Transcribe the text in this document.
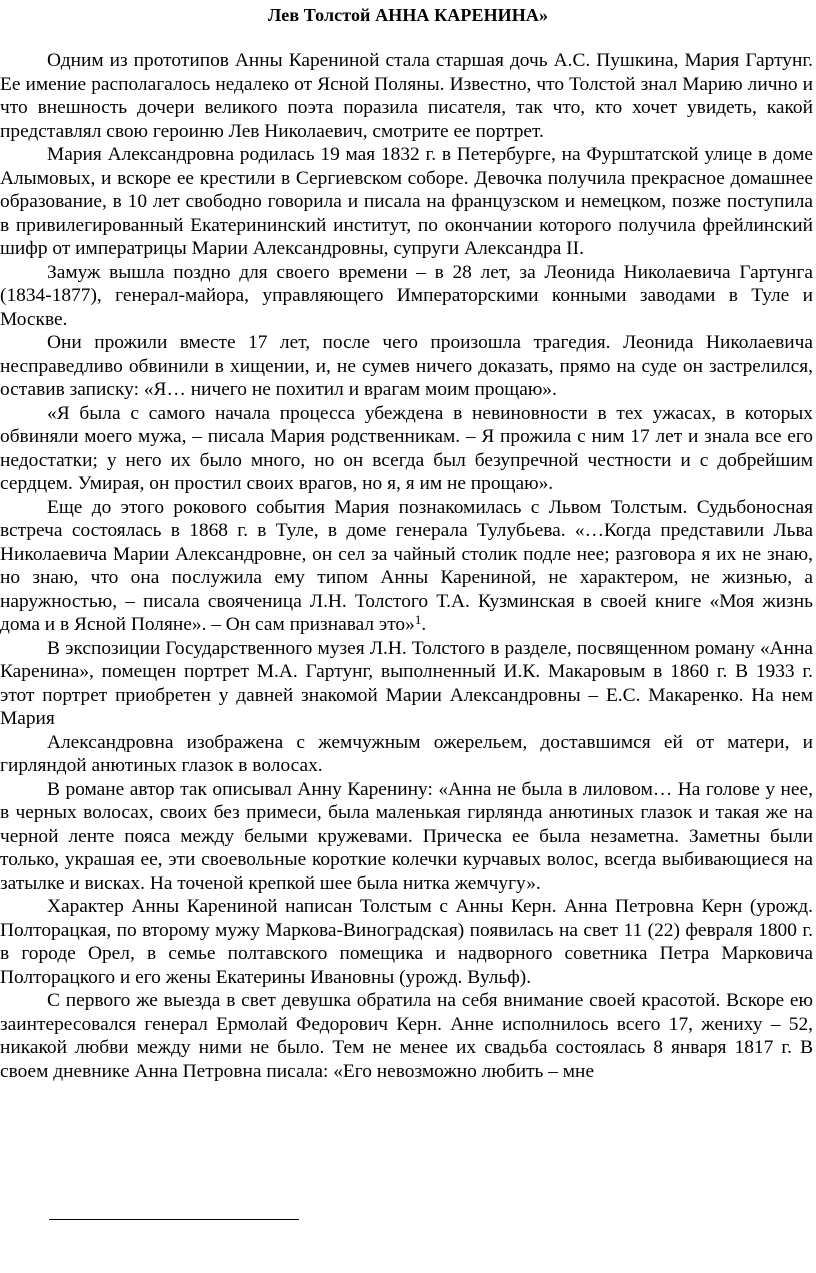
Лев Толстой АННА КАРЕНИНА»

Одним из прототипов Анны Карениной стала старшая дочь А.С. Пушкина, Мария Гартунг. Ее имение располагалось недалеко от Ясной Поляны. Известно, что Толстой знал Марию лично и что внешность дочери великого поэта поразила писателя, так что, кто хочет увидеть, какой представлял свою героиню Лев Николаевич, смотрите ее портрет.

Мария Александровна родилась 19 мая 1832 г. в Петербурге, на Фурштатской улице в доме Алымовых, и вскоре ее крестили в Сергиевском соборе. Девочка получила прекрасное домашнее образование, в 10 лет свободно говорила и писала на французском и немецком, позже поступила в привилегированный Екатерининский институт, по окончании которого получила фрейлинский шифр от императрицы Марии Александровны, супруги Александра II.

Замуж вышла поздно для своего времени – в 28 лет, за Леонида Николаевича Гартунга (1834-1877), генерал-майора, управляющего Императорскими конными заводами в Туле и Москве.

Они прожили вместе 17 лет, после чего произошла трагедия. Леонида Николаевича несправедливо обвинили в хищении, и, не сумев ничего доказать, прямо на суде он застрелился, оставив записку: «Я… ничего не похитил и врагам моим прощаю».

«Я была с самого начала процесса убеждена в невиновности в тех ужасах, в которых обвиняли моего мужа, – писала Мария родственникам. – Я прожила с ним 17 лет и знала все его недостатки; у него их было много, но он всегда был безупречной честности и с добрейшим сердцем. Умирая, он простил своих врагов, но я, я им не прощаю».

Еще до этого рокового события Мария познакомилась с Львом Толстым. Судьбоносная встреча состоялась в 1868 г. в Туле, в доме генерала Тулубьева. «…Когда представили Льва Николаевича Марии Александровне, он сел за чайный столик подле нее; разговора я их не знаю, но знаю, что она послужила ему типом Анны Карениной, не характером, не жизнью, а наружностью, – писала свояченица Л.Н. Толстого Т.А. Кузминская в своей книге «Моя жизнь дома и в Ясной Поляне». – Он сам признавал это»$^1$.

В экспозиции Государственного музея Л.Н. Толстого в разделе, посвященном роману «Анна Каренина», помещен портрет М.А. Гартунг, выполненный И.К. Макаровым в 1860 г. В 1933 г. этот портрет приобретен у давней знакомой Марии Александровны – Е.С. Макаренко. На нем Мария

Александровна изображена с жемчужным ожерельем, доставшимся ей от матери, и гирляндой анютиных глазок в волосах.

В романе автор так описывал Анну Каренину: «Анна не была в лиловом… На голове у нее, в черных волосах, своих без примеси, была маленькая гирлянда анютиных глазок и такая же на черной ленте пояса между белыми кружевами. Прическа ее была незаметна. Заметны были только, украшая ее, эти своевольные короткие колечки курчавых волос, всегда выбивающиеся на затылке и висках. На точеной крепкой шее была нитка жемчугу».

Характер Анны Карениной написан Толстым с Анны Керн. Анна Петровна Керн (урожд. Полторацкая, по второму мужу Маркова-Виноградская) появилась на свет 11 (22) февраля 1800 г. в городе Орел, в семье полтавского помещика и надворного советника Петра Марковича Полторацкого и его жены Екатерины Ивановны (урожд. Вульф).

С первого же выезда в свет девушка обратила на себя внимание своей красотой. Вскоре ею заинтересовался генерал Ермолай Федорович Керн. Анне исполнилось всего 17, жениху – 52, никакой любви между ними не было. Тем не менее их свадьба состоялась 8 января 1817 г. В своем дневнике Анна Петровна писала: «Его невозможно любить – мне
